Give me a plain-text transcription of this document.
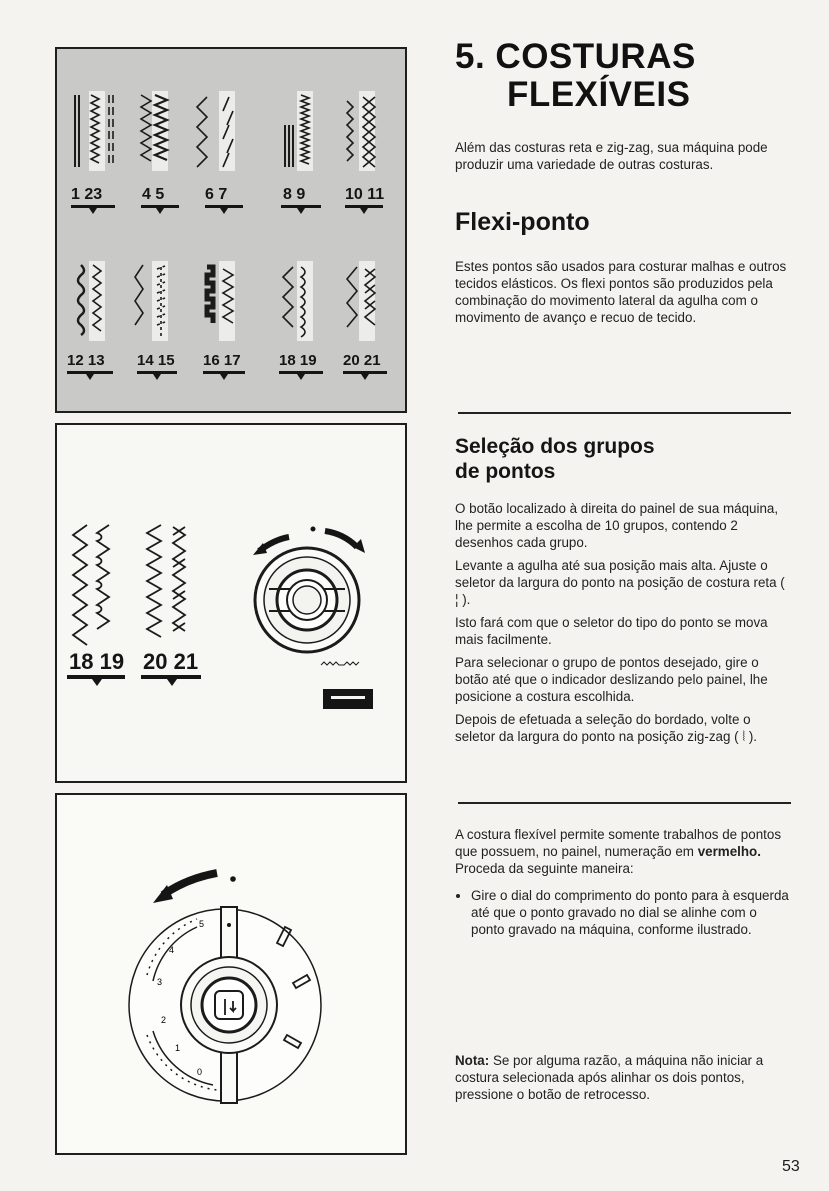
1 23 4 5	6 7	8 9 10 11
12 13 14 15 16 17	18 19 20 21
18 19 20 21
5
4
3
2
1
0
5. COSTURAS
FLEXÍVEIS

Além das costuras reta e zig-zag, sua máquina pode produzir uma variedade de outras costuras.

Flexi-ponto

Estes pontos são usados para costurar malhas e outros tecidos elásticos. Os flexi pontos são produzidos pela combinação do movimento lateral da agulha com o movimento de avanço e recuo de tecido.

Seleção dos grupos
de pontos

O botão localizado à direita do painel de sua máquina, lhe permite a escolha de 10 grupos, contendo 2 desenhos cada grupo.

Levante a agulha até sua posição mais alta. Ajuste o seletor da largura do ponto na posição de costura reta ( ¦ ).

Isto fará com que o seletor do tipo do ponto se mova mais facilmente.

Para selecionar o grupo de pontos desejado, gire o botão até que o indicador deslizando pelo painel, lhe posicione a costura escolhida.

Depois de efetuada a seleção do bordado, volte o seletor da largura do ponto na posição zig-zag ( ⦚ ).

A costura flexível permite somente trabalhos de pontos que possuem, no painel, numeração em vermelho. Proceda da seguinte maneira:

• Gire o dial do comprimento do ponto para à esquerda até que o ponto gravado no dial se alinhe com o ponto gravado na máquina, conforme ilustrado.

Nota: Se por alguma razão, a máquina não iniciar a costura selecionada após alinhar os dois pontos, pressione o botão de retrocesso.

53
